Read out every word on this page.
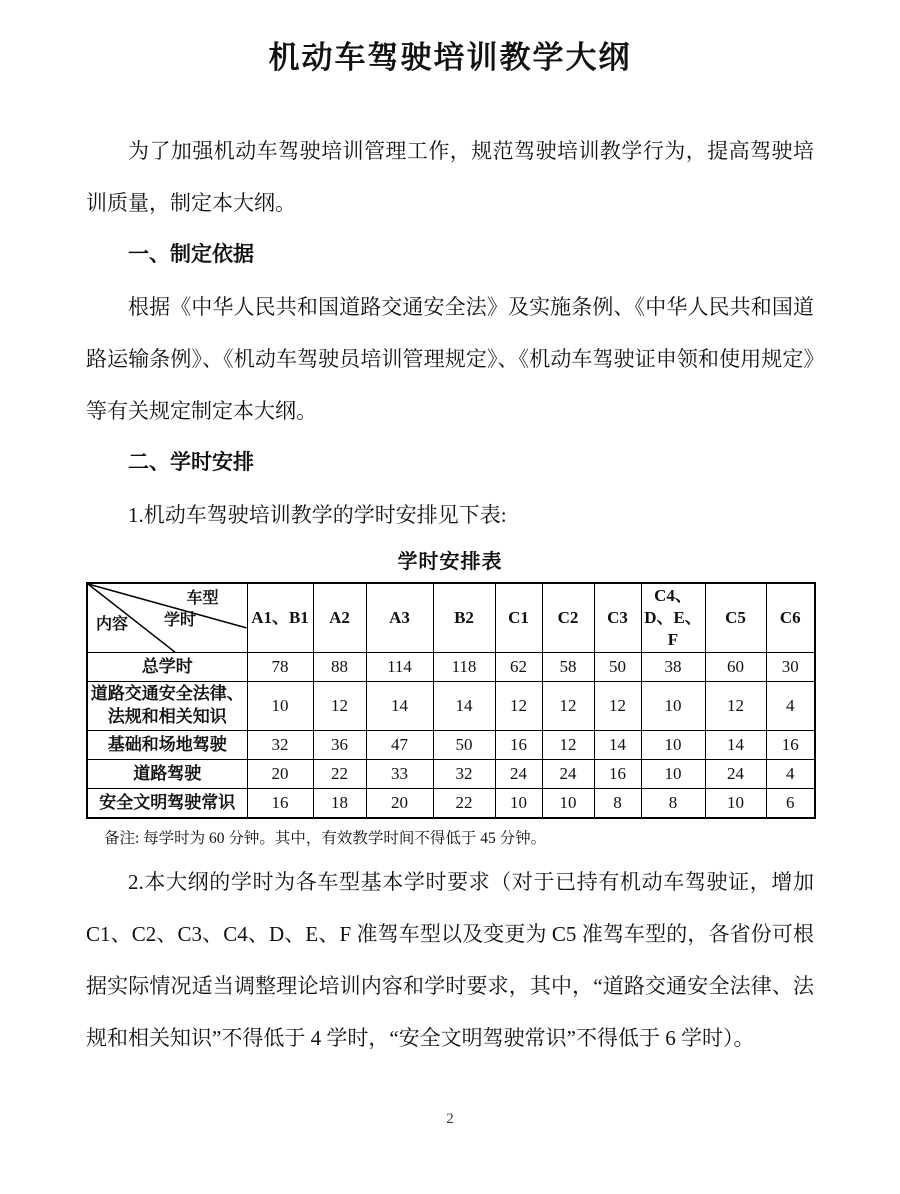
机动车驾驶培训教学大纲

为了加强机动车驾驶培训管理工作，规范驾驶培训教学行为，提高驾驶培训质量，制定本大纲。

一、制定依据

根据《中华人民共和国道路交通安全法》及实施条例、《中华人民共和国道路运输条例》、《机动车驾驶员培训管理规定》、《机动车驾驶证申领和使用规定》等有关规定制定本大纲。

二、学时安排

1.机动车驾驶培训教学的学时安排见下表:

学时安排表
车型
学时
内容	A1、B1	A2	A3	B2	C1	C2	C3	C4、D、E、F	C5	C6
总学时	78	88	114	118	62	58	50	38	60	30
道路交通安全法律、法规和相关知识	10	12	14	14	12	12	12	10	12	4
基础和场地驾驶	32	36	47	50	16	12	14	10	14	16
道路驾驶	20	22	33	32	24	24	16	10	24	4
安全文明驾驶常识	16	18	20	22	10	10	8	8	10	6

备注: 每学时为 60 分钟。其中，有效教学时间不得低于 45 分钟。

2.本大纲的学时为各车型基本学时要求（对于已持有机动车驾驶证，增加 C1、C2、C3、C4、D、E、F 准驾车型以及变更为 C5 准驾车型的，各省份可根据实际情况适当调整理论培训内容和学时要求，其中，“道路交通安全法律、法规和相关知识”不得低于 4 学时，“安全文明驾驶常识”不得低于 6 学时）。

2
